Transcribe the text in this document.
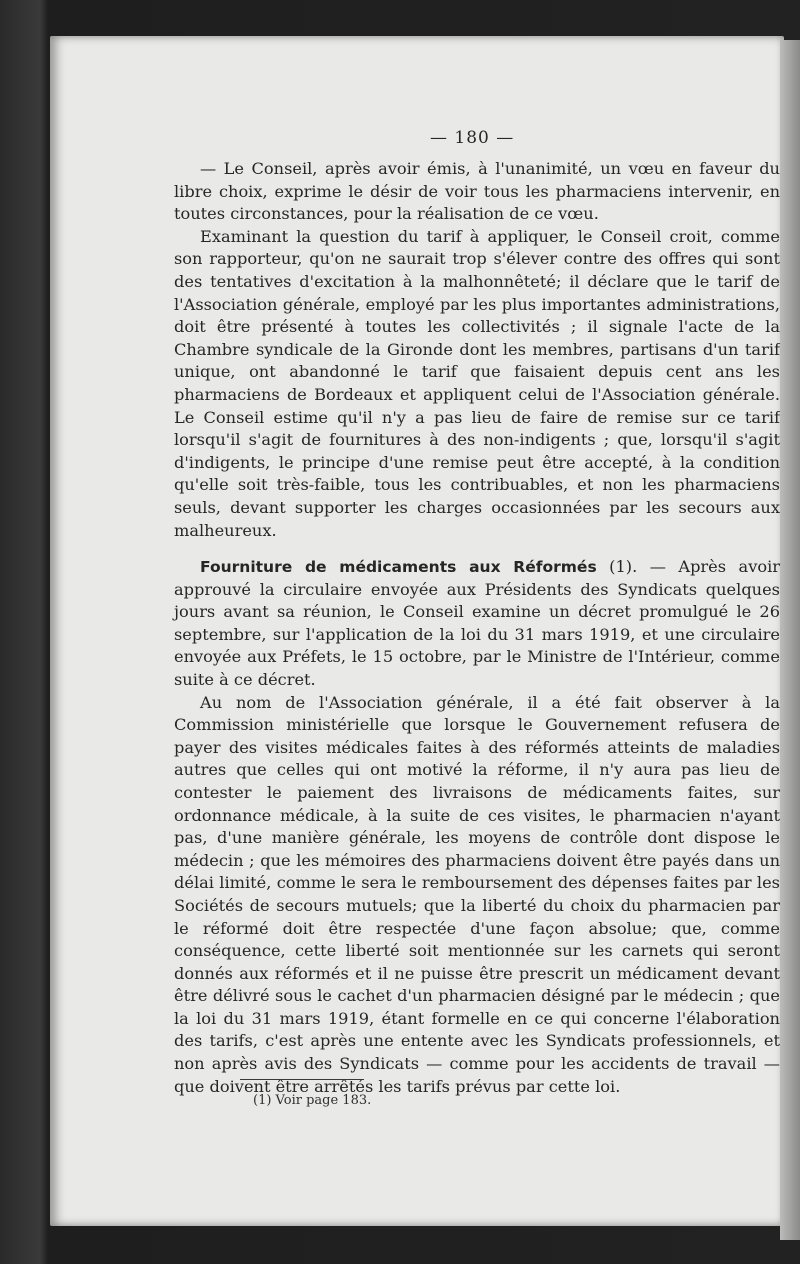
— 180 —

— Le Conseil, après avoir émis, à l'unanimité, un vœu en faveur du libre choix, exprime le désir de voir tous les pharmaciens intervenir, en toutes circonstances, pour la réalisation de ce vœu.

Examinant la question du tarif à appliquer, le Conseil croit, comme son rapporteur, qu'on ne saurait trop s'élever contre des offres qui sont des tentatives d'excitation à la malhonnêteté; il déclare que le tarif de l'Association générale, employé par les plus importantes administrations, doit être présenté à toutes les collectivités ; il signale l'acte de la Chambre syndicale de la Gironde dont les membres, partisans d'un tarif unique, ont abandonné le tarif que faisaient depuis cent ans les pharmaciens de Bordeaux et appliquent celui de l'Association générale. Le Conseil estime qu'il n'y a pas lieu de faire de remise sur ce tarif lorsqu'il s'agit de fournitures à des non-indigents ; que, lorsqu'il s'agit d'indigents, le principe d'une remise peut être accepté, à la condition qu'elle soit très-faible, tous les contribuables, et non les pharmaciens seuls, devant supporter les charges occasionnées par les secours aux malheureux.

Fourniture de médicaments aux Réformés (1). — Après avoir approuvé la circulaire envoyée aux Présidents des Syndicats quelques jours avant sa réunion, le Conseil examine un décret promulgué le 26 septembre, sur l'application de la loi du 31 mars 1919, et une circulaire envoyée aux Préfets, le 15 octobre, par le Ministre de l'Intérieur, comme suite à ce décret.

Au nom de l'Association générale, il a été fait observer à la Commission ministérielle que lorsque le Gouvernement refusera de payer des visites médicales faites à des réformés atteints de maladies autres que celles qui ont motivé la réforme, il n'y aura pas lieu de contester le paiement des livraisons de médicaments faites, sur ordonnance médicale, à la suite de ces visites, le pharmacien n'ayant pas, d'une manière générale, les moyens de contrôle dont dispose le médecin ; que les mémoires des pharmaciens doivent être payés dans un délai limité, comme le sera le remboursement des dépenses faites par les Sociétés de secours mutuels; que la liberté du choix du pharmacien par le réformé doit être respectée d'une façon absolue; que, comme conséquence, cette liberté soit mentionnée sur les carnets qui seront donnés aux réformés et il ne puisse être prescrit un médicament devant être délivré sous le cachet d'un pharmacien désigné par le médecin ; que la loi du 31 mars 1919, étant formelle en ce qui concerne l'élaboration des tarifs, c'est après une entente avec les Syndicats professionnels, et non après avis des Syndicats — comme pour les accidents de travail — que doivent être arrêtés les tarifs prévus par cette loi.

(1) Voir page 183.
